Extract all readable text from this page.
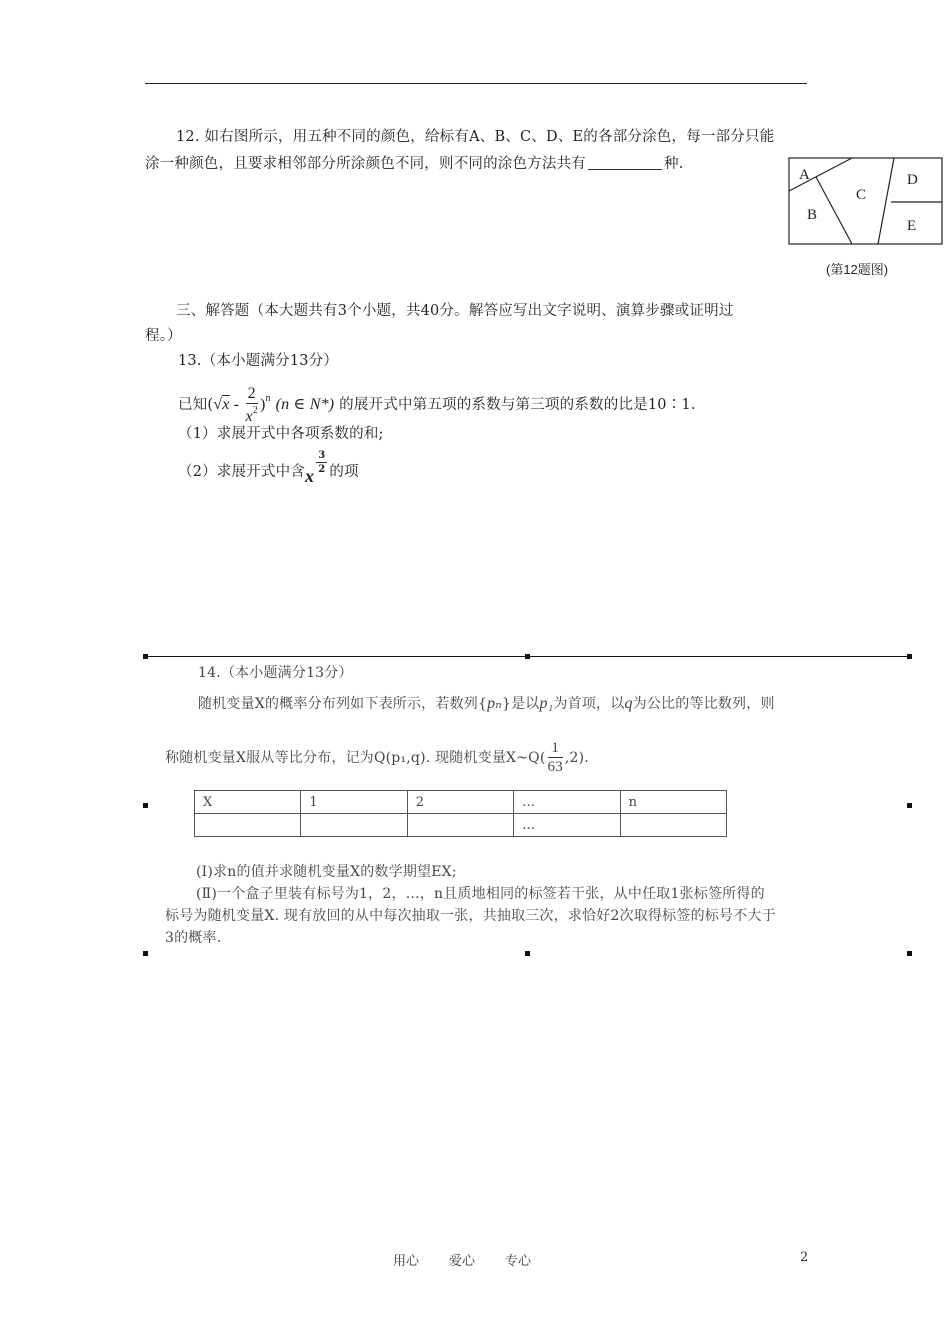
12. 如右图所示，用五种不同的颜色，给标有A、B、C、D、E的各部分涂色，每一部分只能
涂一种颜色，且要求相邻部分所涂颜色不同，则不同的涂色方法共有	种.
A
B
C
D
E
(第12题图)
三、解答题（本大题共有3个小题，共40分。解答应写出文字说明、演算步骤或证明过
程。）
13.（本小题满分13分）
已知$(√x - \frac{2}{x^2} )^n$ (n ∈ N*) 的展开式中第五项的系数与第三项的系数的比是10∶1.
（1）求展开式中各项系数的和;
（2）求展开式中含x
$\frac{3}{2}$ 的项
14.（本小题满分13分）
随机变量X的概率分布列如下表所示，若数列{pₙ}是以p₁为首项，以q为公比的等比数列，则
称随机变量X服从等比分布，记为Q(p₁,q). 现随机变量X~Q( $\frac{1}{63} ,2$).
X	1	2	…	n
			…	
(Ⅰ)求n的值并求随机变量X的数学期望EX;
(Ⅱ)一个盒子里装有标号为1，2，…，n且质地相同的标签若干张，从中任取1张标签所得的
标号为随机变量X. 现有放回的从中每次抽取一张，共抽取三次，求恰好2次取得标签的标号不大于
3的概率.
用心 爱心 专心	2
